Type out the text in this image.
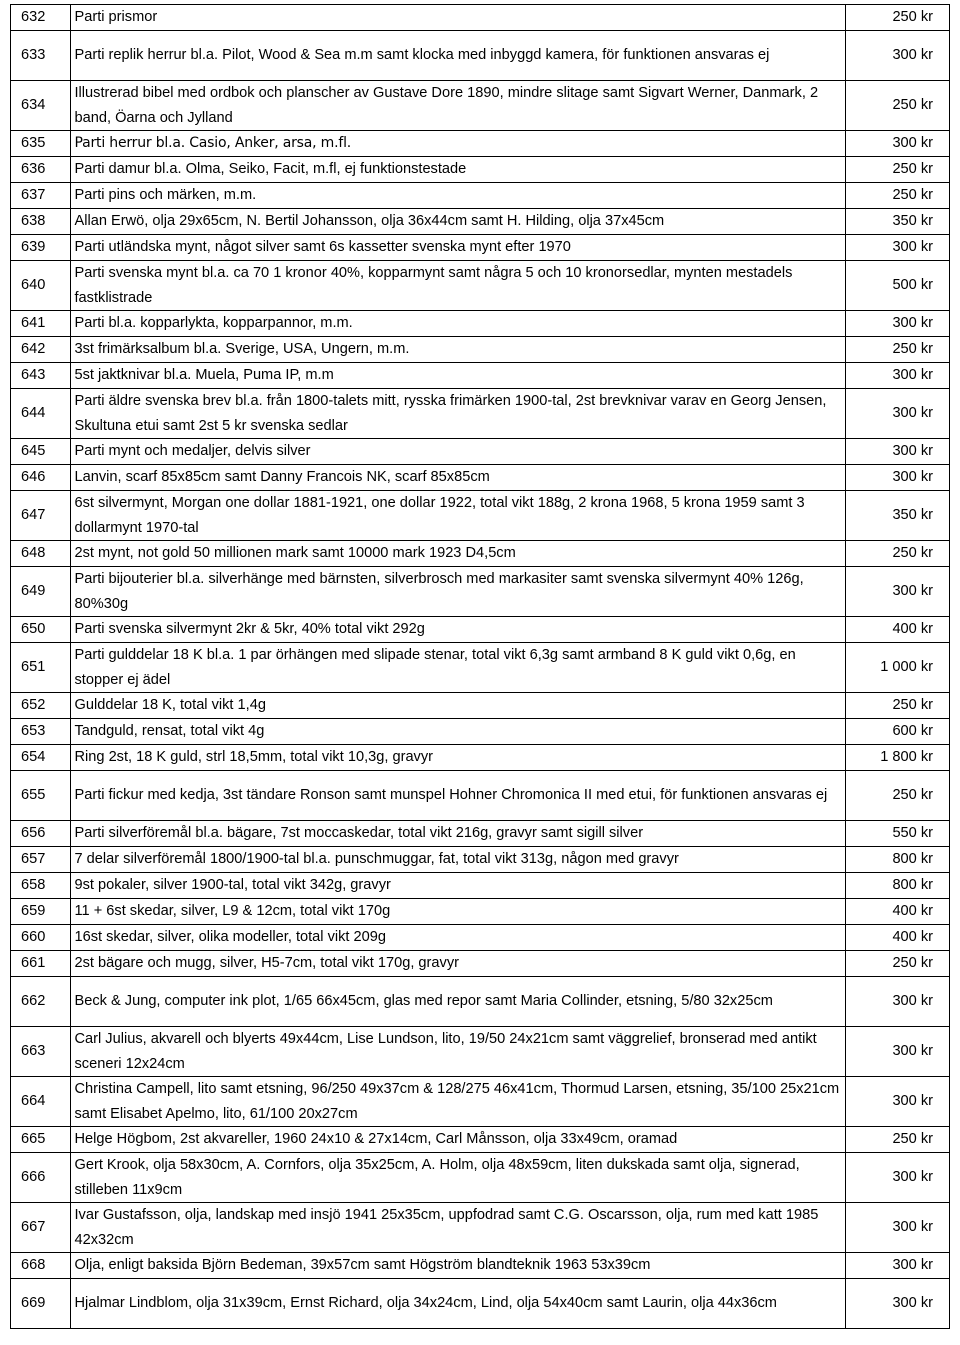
632	Parti prismor	250 kr
633	Parti replik herrur bl.a. Pilot, Wood & Sea m.m samt klocka med inbyggd kamera, för funktionen ansvaras ej	300 kr
634	Illustrerad bibel med ordbok och planscher av Gustave Dore 1890, mindre slitage samt Sigvart Werner, Danmark, 2 band, Öarna och Jylland	250 kr
635	Parti herrur bl.a. Casio, Anker, arsa, m.fl.	300 kr
636	Parti damur bl.a. Olma, Seiko, Facit, m.fl, ej funktionstestade	250 kr
637	Parti pins och märken, m.m.	250 kr
638	Allan Erwö, olja 29x65cm, N. Bertil Johansson, olja 36x44cm samt H. Hilding, olja 37x45cm	350 kr
639	Parti utländska mynt, något silver samt 6s kassetter svenska mynt efter 1970	300 kr
640	Parti svenska mynt bl.a. ca 70 1 kronor 40%, kopparmynt samt några 5 och 10 kronorsedlar, mynten mestadels fastklistrade	500 kr
641	Parti bl.a. kopparlykta, kopparpannor, m.m.	300 kr
642	3st frimärksalbum bl.a. Sverige, USA, Ungern, m.m.	250 kr
643	5st jaktknivar bl.a. Muela, Puma IP, m.m	300 kr
644	Parti äldre svenska brev bl.a. från 1800-talets mitt, rysska frimärken 1900-tal, 2st brevknivar varav en Georg Jensen, Skultuna etui samt 2st 5 kr svenska sedlar	300 kr
645	Parti mynt och medaljer, delvis silver	300 kr
646	Lanvin, scarf 85x85cm samt Danny Francois NK, scarf 85x85cm	300 kr
647	6st silvermynt, Morgan one dollar 1881-1921, one dollar 1922, total vikt 188g, 2 krona 1968, 5 krona 1959 samt 3 dollarmynt 1970-tal	350 kr
648	2st mynt, not gold 50 millionen mark samt 10000 mark 1923 D4,5cm	250 kr
649	Parti bijouterier bl.a. silverhänge med bärnsten, silverbrosch med markasiter samt svenska silvermynt 40% 126g, 80%30g	300 kr
650	Parti svenska silvermynt 2kr & 5kr, 40% total vikt 292g	400 kr
651	Parti gulddelar 18 K bl.a. 1 par örhängen med slipade stenar, total vikt 6,3g samt armband 8 K guld vikt 0,6g, en stopper ej ädel	1 000 kr
652	Gulddelar 18 K, total vikt 1,4g	250 kr
653	Tandguld, rensat, total vikt 4g	600 kr
654	Ring 2st, 18 K guld, strl 18,5mm, total vikt 10,3g, gravyr	1 800 kr
655	Parti fickur med kedja, 3st tändare Ronson samt munspel Hohner Chromonica II med etui, för funktionen ansvaras ej	250 kr
656	Parti silverföremål bl.a. bägare, 7st moccaskedar, total vikt 216g, gravyr samt sigill silver	550 kr
657	7 delar silverföremål 1800/1900-tal bl.a. punschmuggar, fat, total vikt 313g, någon med gravyr	800 kr
658	9st pokaler, silver 1900-tal, total vikt 342g, gravyr	800 kr
659	11 + 6st skedar, silver, L9 & 12cm, total vikt 170g	400 kr
660	16st skedar, silver, olika modeller, total vikt 209g	400 kr
661	2st bägare och mugg, silver, H5-7cm, total vikt 170g, gravyr	250 kr
662	Beck & Jung, computer ink plot, 1/65 66x45cm, glas med repor samt Maria Collinder, etsning, 5/80 32x25cm	300 kr
663	Carl Julius, akvarell och blyerts 49x44cm, Lise Lundson, lito, 19/50 24x21cm samt väggrelief, bronserad med antikt sceneri 12x24cm	300 kr
664	Christina Campell, lito samt etsning, 96/250 49x37cm & 128/275 46x41cm, Thormud Larsen, etsning, 35/100 25x21cm samt Elisabet Apelmo, lito, 61/100 20x27cm	300 kr
665	Helge Högbom, 2st akvareller, 1960 24x10 & 27x14cm, Carl Månsson, olja 33x49cm, oramad	250 kr
666	Gert Krook, olja 58x30cm, A. Cornfors, olja 35x25cm, A. Holm, olja 48x59cm, liten dukskada samt olja, signerad, stilleben 11x9cm	300 kr
667	Ivar Gustafsson, olja, landskap med insjö 1941 25x35cm, uppfodrad samt C.G. Oscarsson, olja, rum med katt 1985 42x32cm	300 kr
668	Olja, enligt baksida Björn Bedeman, 39x57cm samt Högström blandteknik 1963 53x39cm	300 kr
669	Hjalmar Lindblom, olja 31x39cm, Ernst Richard, olja 34x24cm, Lind, olja 54x40cm samt Laurin, olja 44x36cm	300 kr
